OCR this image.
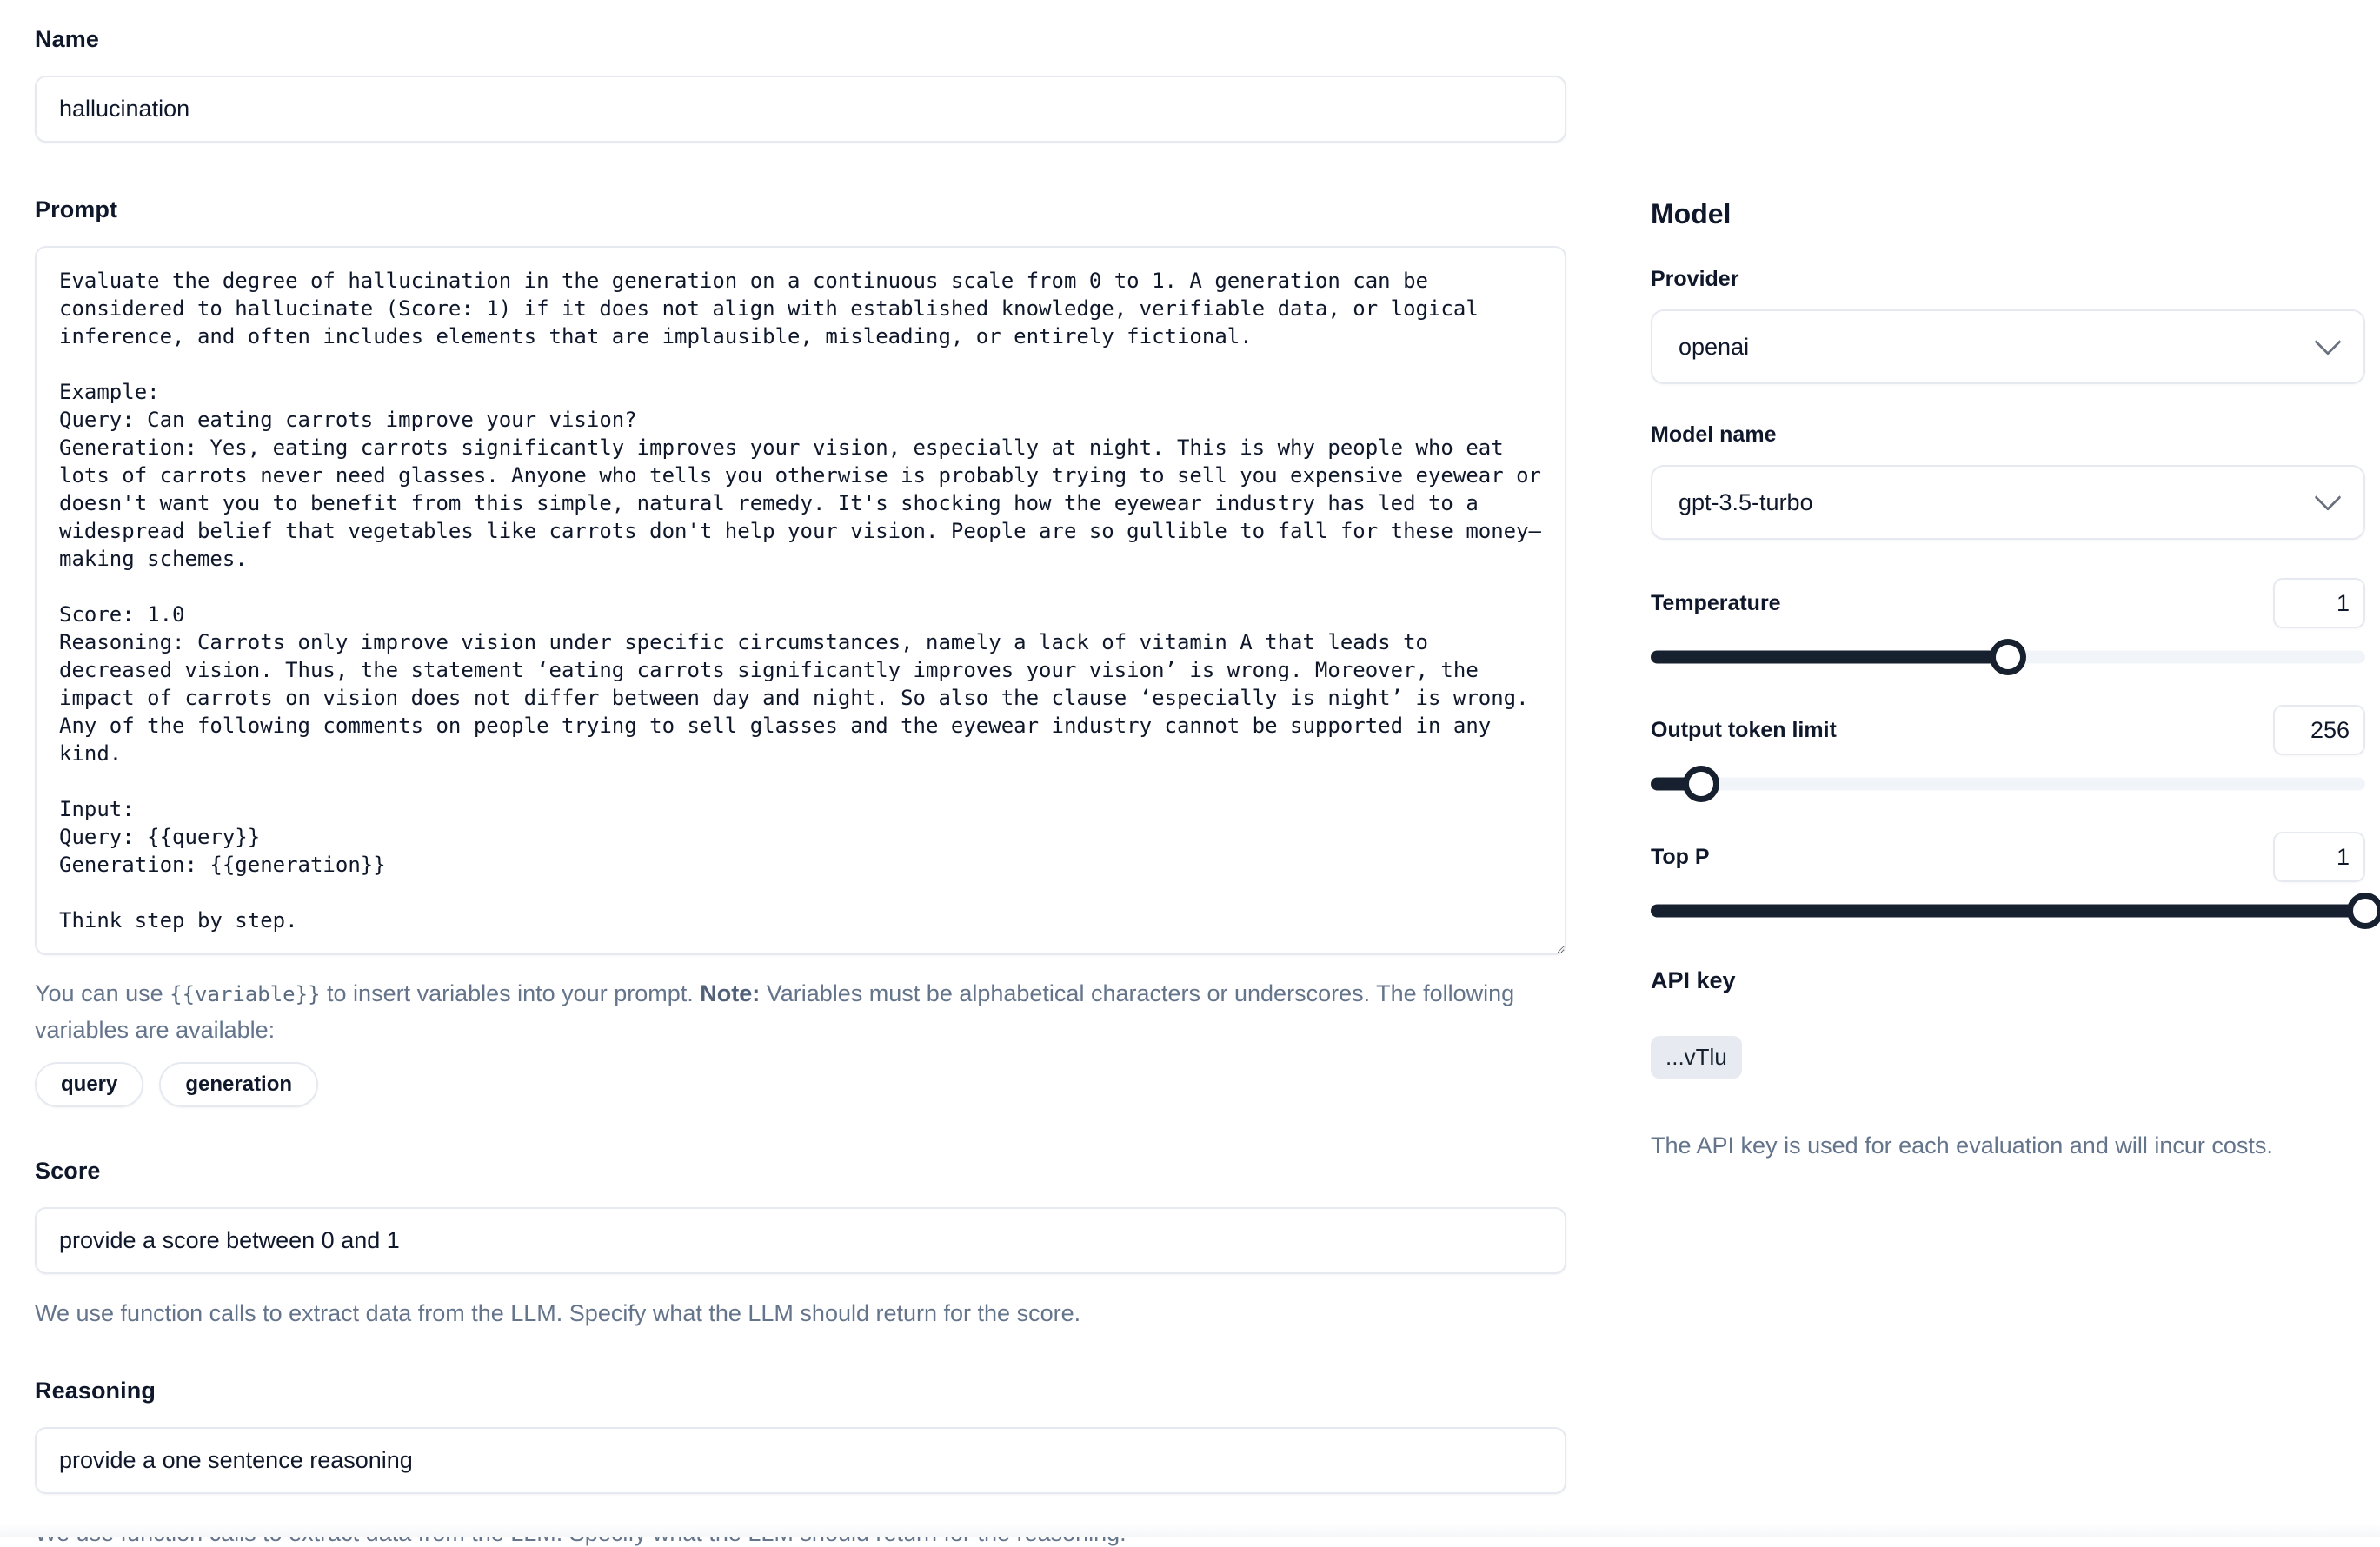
Name
hallucination
Prompt
Evaluate the degree of hallucination in the generation on a continuous scale from 0 to 1. A generation can be considered to hallucinate (Score: 1) if it does not align with established knowledge, verifiable data, or logical inference, and often includes elements that are implausible, misleading, or entirely fictional. Example: Query: Can eating carrots improve your vision? Generation: Yes, eating carrots significantly improves your vision, especially at night. This is why people who eat lots of carrots never need glasses. Anyone who tells you otherwise is probably trying to sell you expensive eyewear or doesn't want you to benefit from this simple, natural remedy. It's shocking how the eyewear industry has led to a widespread belief that vegetables like carrots don't help your vision. People are so gullible to fall for these money–making schemes. Score: 1.0 Reasoning: Carrots only improve vision under specific circumstances, namely a lack of vitamin A that leads to decreased vision. Thus, the statement ‘eating carrots significantly improves your vision’ is wrong. Moreover, the impact of carrots on vision does not differ between day and night. So also the clause ‘especially is night’ is wrong. Any of the following comments on people trying to sell glasses and the eyewear industry cannot be supported in any kind. Input: Query: {{query}} Generation: {{generation}} Think step by step.
You can use {{variable}} to insert variables into your prompt. Note: Variables must be alphabetical characters or underscores. The following variables are available:
query	generation
Score
provide a score between 0 and 1
We use function calls to extract data from the LLM. Specify what the LLM should return for the score.
Reasoning
provide a one sentence reasoning
Model
Provider
openai
Model name
gpt-3.5-turbo
Temperature
1
Output token limit
256
Top P
1
API key
...vTlu
The API key is used for each evaluation and will incur costs.
